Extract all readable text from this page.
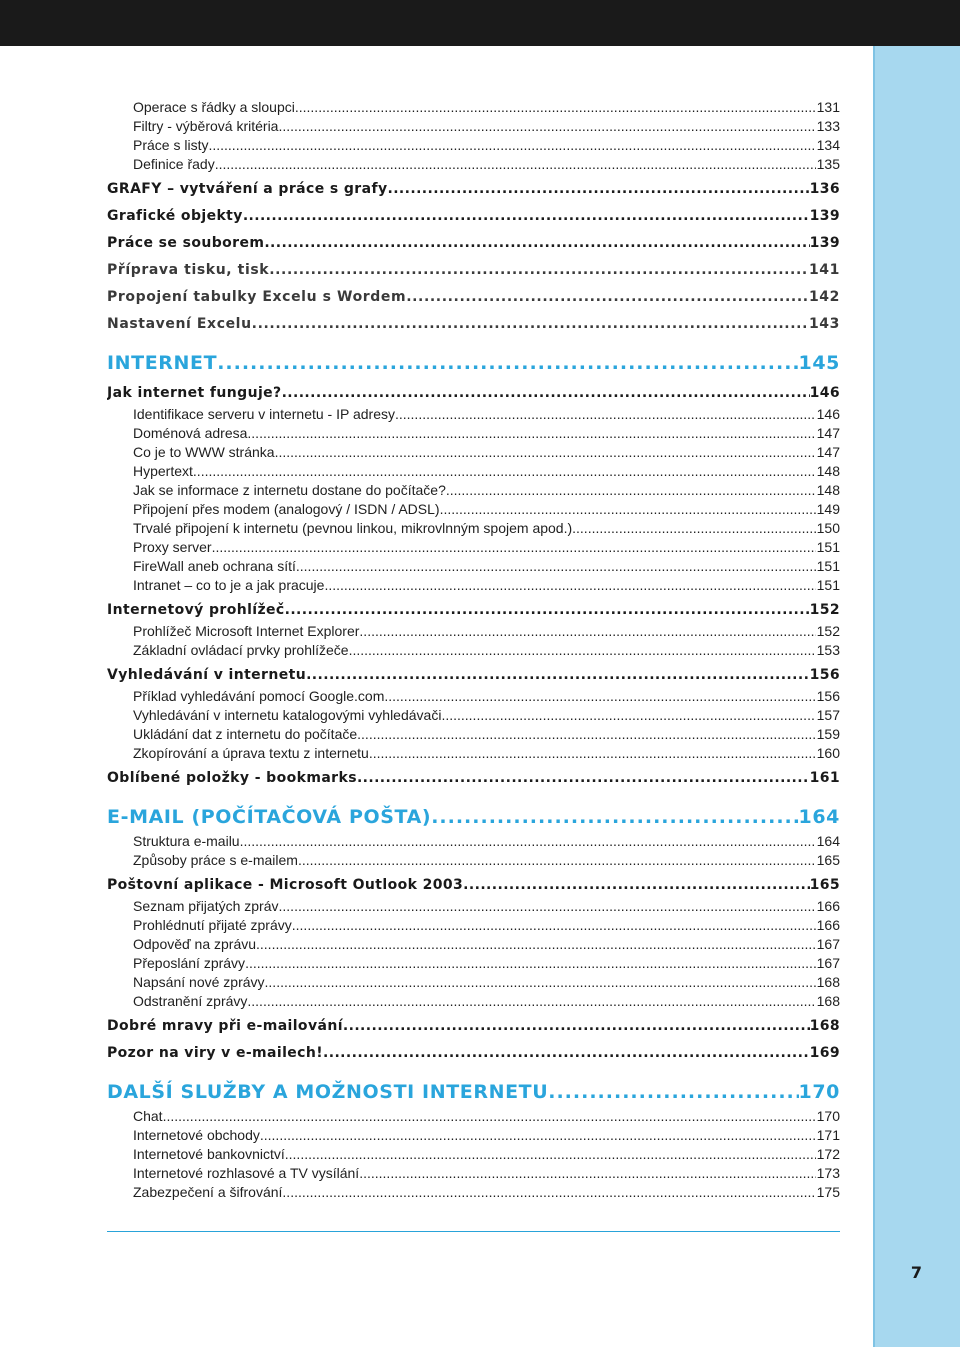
Operace s řádky a sloupci .....	131
Filtry - výběrová kritéria .....	133
Práce s listy .....	134
Definice řady .....	135
GRAFY – vytváření a práce s grafy .....	136
Grafické objekty .....	139
Práce se souborem .....	139
Příprava tisku, tisk .....	141
Propojení tabulky Excelu s Wordem .....	142
Nastavení Excelu .....	143
INTERNET .....	145
Jak internet funguje? .....	146
Identifikace serveru v internetu - IP adresy .....	146
Doménová adresa .....	147
Co je to WWW stránka .....	147
Hypertext .....	148
Jak se informace z internetu dostane do počítače? .....	148
Připojení přes modem (analogový / ISDN / ADSL) .....	149
Trvalé připojení k internetu (pevnou linkou, mikrovlnným spojem apod.) .....	150
Proxy server .....	151
FireWall aneb ochrana sítí .....	151
Intranet – co to je a jak pracuje .....	151
Internetový prohlížeč .....	152
Prohlížeč Microsoft Internet Explorer .....	152
Základní ovládací prvky prohlížeče .....	153
Vyhledávání v internetu .....	156
Příklad vyhledávání pomocí Google.com .....	156
Vyhledávání v internetu katalogovými vyhledávači .....	157
Ukládání dat z internetu do počítače .....	159
Zkopírování a úprava textu z internetu .....	160
Oblíbené položky - bookmarks .....	161
E-MAIL (POČÍTAČOVÁ POŠTA) .....	164
Struktura e-mailu .....	164
Způsoby práce s e-mailem .....	165
Poštovní aplikace - Microsoft Outlook 2003 .....	165
Seznam přijatých zpráv .....	166
Prohlédnutí přijaté zprávy .....	166
Odpověď na zprávu .....	167
Přeposlání zprávy .....	167
Napsání nové zprávy .....	168
Odstranění zprávy .....	168
Dobré mravy při e-mailování .....	168
Pozor na viry v e-mailech! .....	169
DALŠÍ SLUŽBY A MOŽNOSTI INTERNETU .....	170
Chat .....	170
Internetové obchody .....	171
Internetové bankovnictví .....	172
Internetové rozhlasové a TV vysílání .....	173
Zabezpečení a šifrování .....	175
7
